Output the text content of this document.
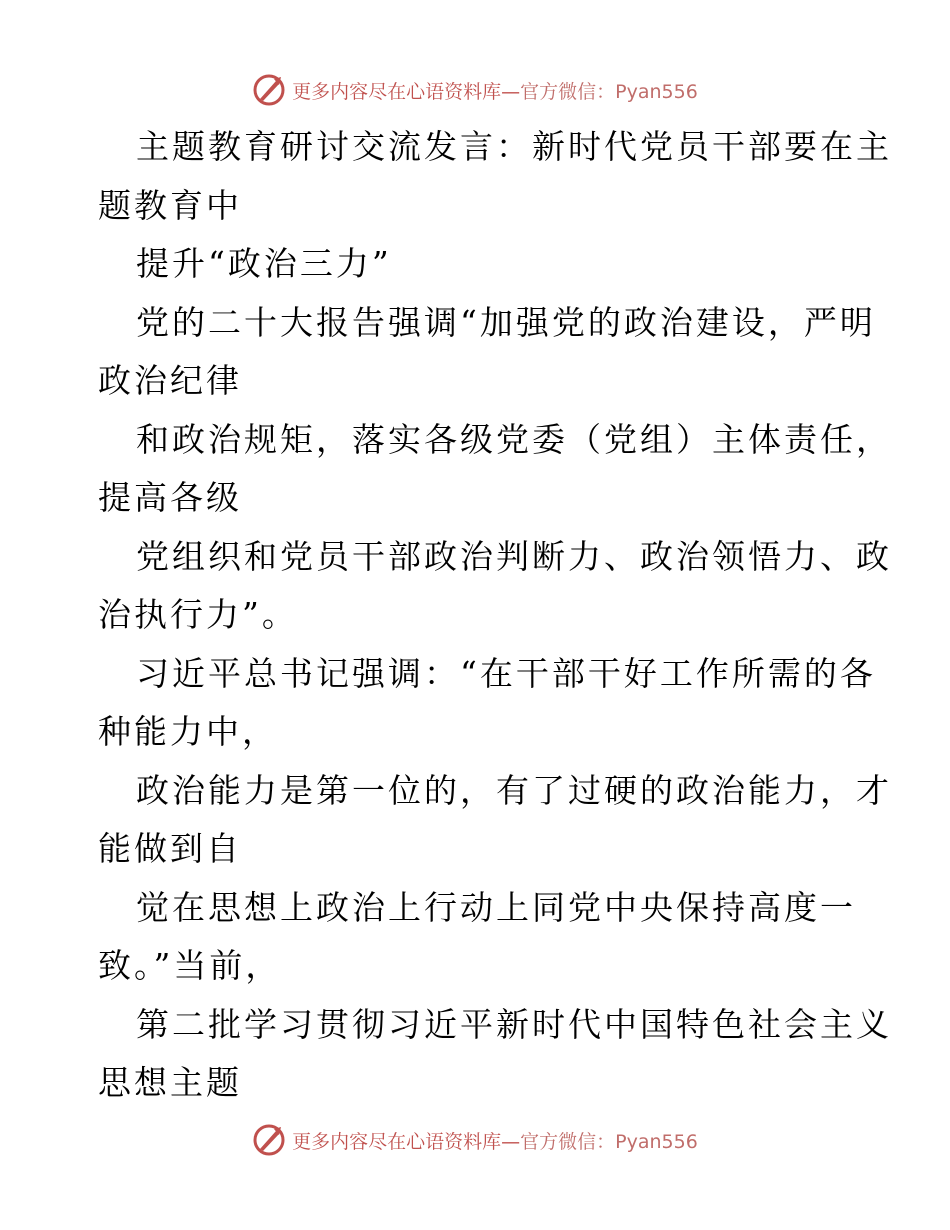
更多内容尽在心语资料库—官方微信：Pyan556
主题教育研讨交流发言：新时代党员干部要在主
题教育中
提升“政治三力”
党的二十大报告强调“加强党的政治建设，严明
政治纪律
和政治规矩，落实各级党委（党组）主体责任，
提高各级
党组织和党员干部政治判断力、政治领悟力、政
治执行力”。
习近平总书记强调：“在干部干好工作所需的各
种能力中，
政治能力是第一位的，有了过硬的政治能力，才
能做到自
觉在思想上政治上行动上同党中央保持高度一
致。”当前，
第二批学习贯彻习近平新时代中国特色社会主义
思想主题
更多内容尽在心语资料库—官方微信：Pyan556
